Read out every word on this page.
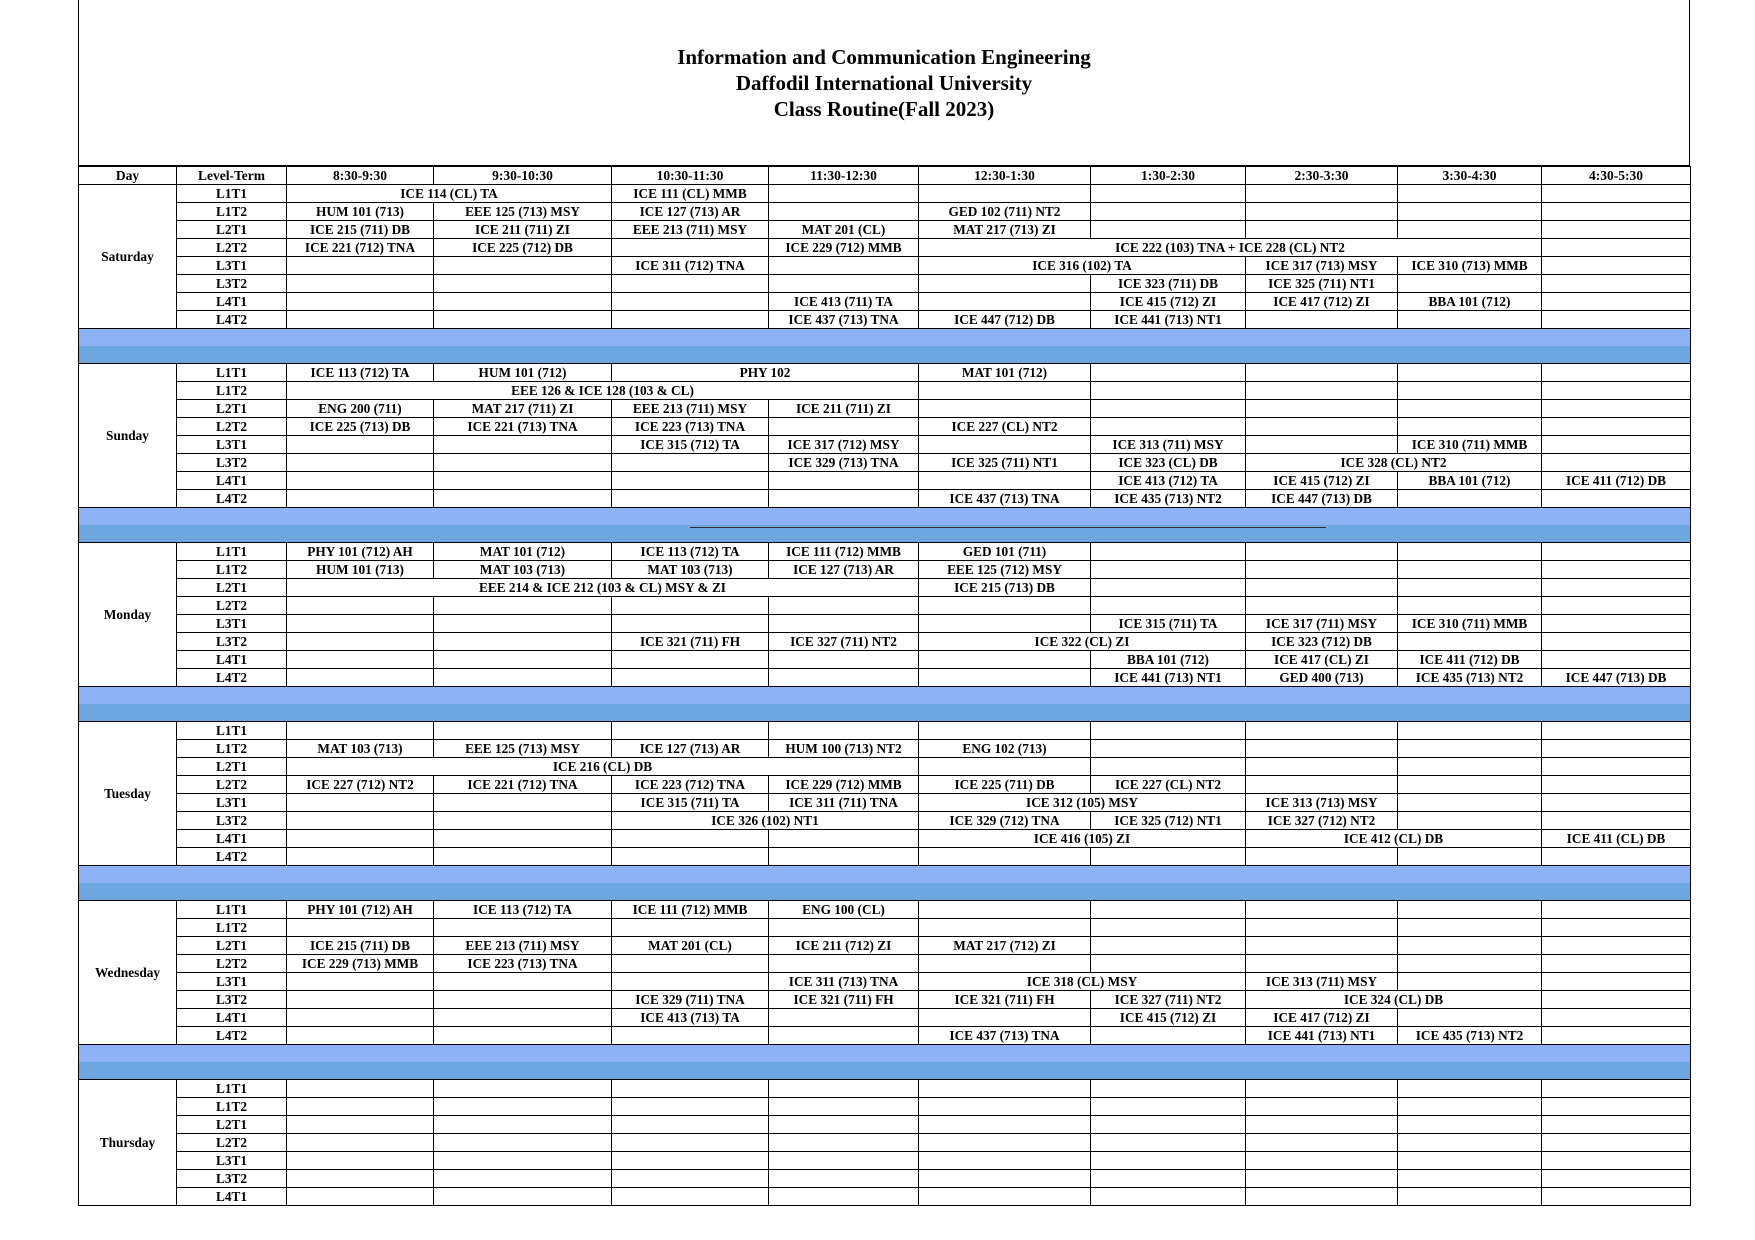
Information and Communication Engineering
Daffodil International University
Class Routine(Fall 2023)
Day	Level-Term	8:30-9:30	9:30-10:30	10:30-11:30	11:30-12:30	12:30-1:30	1:30-2:30	2:30-3:30	3:30-4:30	4:30-5:30
Saturday	L1T1	ICE 114 (CL) TA		ICE 111 (CL) MMB						
	L1T2	HUM 101 (713)	EEE 125 (713) MSY	ICE 127 (713) AR		GED 102 (711) NT2				
	L2T1	ICE 215 (711) DB	ICE 211 (711) ZI	EEE 213 (711) MSY	MAT 201 (CL)	MAT 217 (713) ZI				
	L2T2	ICE 221 (712) TNA	ICE 225 (712) DB		ICE 229 (712) MMB	ICE 222 (103) TNA + ICE 228 (CL) NT2				
	L3T1			ICE 311 (712) TNA		ICE 316 (102) TA		ICE 317 (713) MSY	ICE 310 (713) MMB	
	L3T2						ICE 323 (711) DB	ICE 325 (711) NT1		
	L4T1				ICE 413 (711) TA		ICE 415 (712) ZI	ICE 417 (712) ZI	BBA 101 (712)	
	L4T2				ICE 437 (713) TNA	ICE 447 (712) DB	ICE 441 (713) NT1			

Sunday	L1T1	ICE 113 (712) TA	HUM 101 (712)	PHY 102		MAT 101 (712)				
	L1T2	EEE 126 & ICE 128 (103 & CL)								
	L2T1	ENG 200 (711)	MAT 217 (711) ZI	EEE 213 (711) MSY	ICE 211 (711) ZI					
	L2T2	ICE 225 (713) DB	ICE 221 (713) TNA	ICE 223 (713) TNA		ICE 227 (CL) NT2				
	L3T1			ICE 315 (712) TA	ICE 317 (712) MSY		ICE 313 (711) MSY		ICE 310 (711) MMB	
	L3T2				ICE 329 (713) TNA	ICE 325 (711) NT1	ICE 323 (CL) DB	ICE 328 (CL) NT2		
	L4T1						ICE 413 (712) TA	ICE 415 (712) ZI	BBA 101 (712)	ICE 411 (712) DB
	L4T2					ICE 437 (713) TNA	ICE 435 (713) NT2	ICE 447 (713) DB		

Monday	L1T1	PHY 101 (712) AH	MAT 101 (712)	ICE 113 (712) TA	ICE 111 (712) MMB	GED 101 (711)				
	L1T2	HUM 101 (713)	MAT 103 (713)	MAT 103 (713)	ICE 127 (713) AR	EEE 125 (712) MSY				
	L2T1	EEE 214 & ICE 212 (103 & CL) MSY & ZI				ICE 215 (713) DB				
	L2T2									
	L3T1						ICE 315 (711) TA	ICE 317 (711) MSY	ICE 310 (711) MMB	
	L3T2			ICE 321 (711) FH	ICE 327 (711) NT2	ICE 322 (CL) ZI		ICE 323 (712) DB		
	L4T1						BBA 101 (712)	ICE 417 (CL) ZI	ICE 411 (712) DB	
	L4T2						ICE 441 (713) NT1	GED 400 (713)	ICE 435 (713) NT2	ICE 447 (713) DB

Tuesday	L1T1									
	L1T2	MAT 103 (713)	EEE 125 (713) MSY	ICE 127 (713) AR	HUM 100 (713) NT2	ENG 102 (713)				
	L2T1	ICE 216 (CL) DB								
	L2T2	ICE 227 (712) NT2	ICE 221 (712) TNA	ICE 223 (712) TNA	ICE 229 (712) MMB	ICE 225 (711) DB	ICE 227 (CL) NT2			
	L3T1			ICE 315 (711) TA	ICE 311 (711) TNA	ICE 312 (105) MSY		ICE 313 (713) MSY		
	L3T2			ICE 326 (102) NT1		ICE 329 (712) TNA	ICE 325 (712) NT1	ICE 327 (712) NT2		
	L4T1					ICE 416 (105) ZI		ICE 412 (CL) DB		ICE 411 (CL) DB
	L4T2									

Wednesday	L1T1	PHY 101 (712) AH	ICE 113 (712) TA	ICE 111 (712) MMB	ENG 100 (CL)					
	L1T2									
	L2T1	ICE 215 (711) DB	EEE 213 (711) MSY	MAT 201 (CL)	ICE 211 (712) ZI	MAT 217 (712) ZI				
	L2T2	ICE 229 (713) MMB	ICE 223 (713) TNA							
	L3T1				ICE 311 (713) TNA	ICE 318 (CL) MSY		ICE 313 (711) MSY		
	L3T2			ICE 329 (711) TNA	ICE 321 (711) FH	ICE 321 (711) FH	ICE 327 (711) NT2	ICE 324 (CL) DB		
	L4T1			ICE 413 (713) TA			ICE 415 (712) ZI	ICE 417 (712) ZI		
	L4T2					ICE 437 (713) TNA		ICE 441 (713) NT1	ICE 435 (713) NT2	

Thursday	L1T1									
	L1T2									
	L2T1									
	L2T2									
	L3T1									
	L3T2									
	L4T1									
